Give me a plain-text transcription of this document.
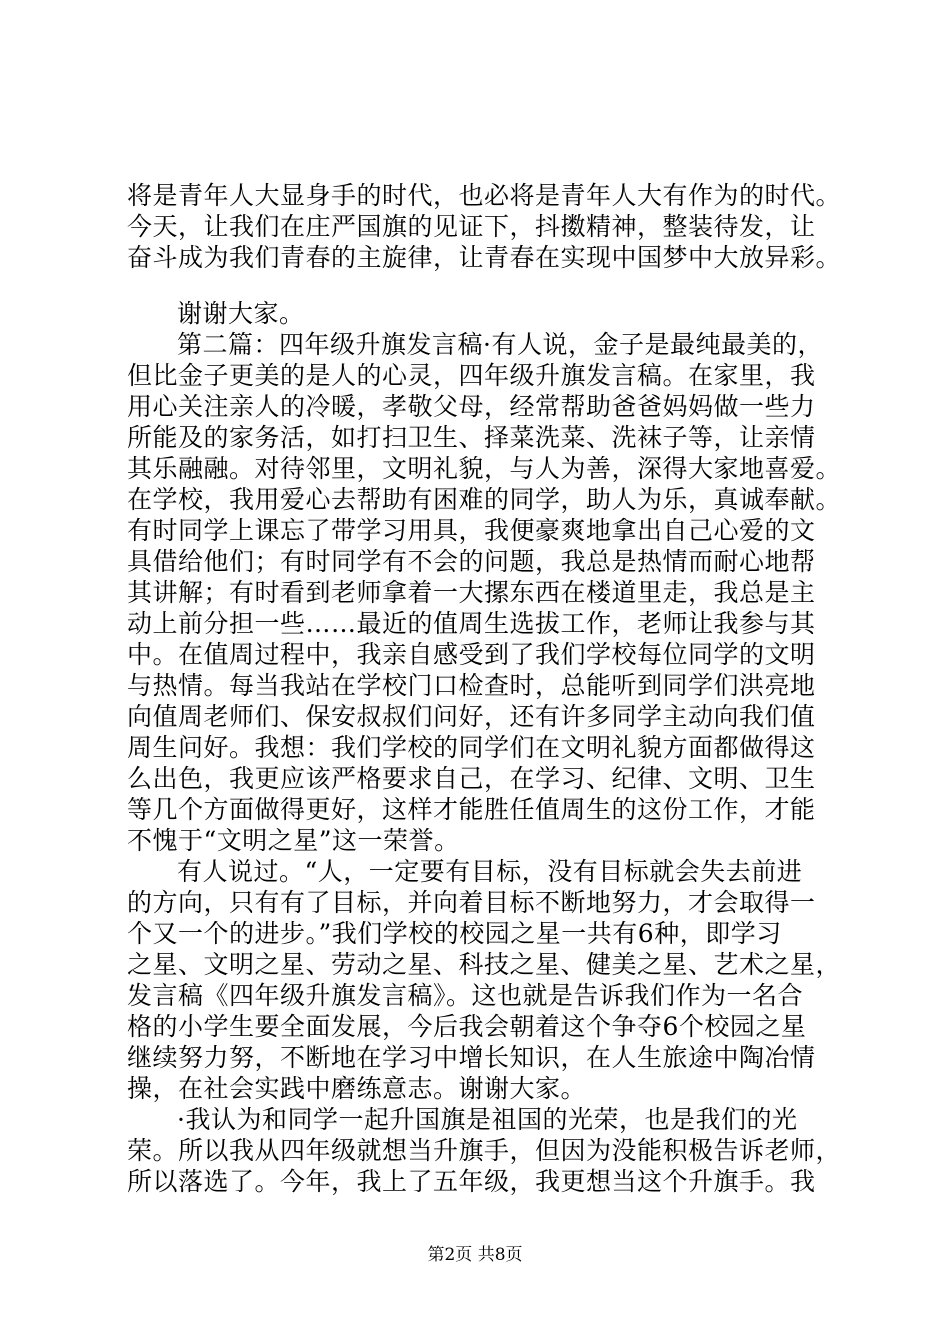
将是青年人大显身手的时代，也必将是青年人大有作为的时代。
今天，让我们在庄严国旗的见证下，抖擞精神，整装待发，让
奋斗成为我们青春的主旋律，让青春在实现中国梦中大放异彩。
谢谢大家。
第二篇：四年级升旗发言稿·有人说，金子是最纯最美的，
但比金子更美的是人的心灵，四年级升旗发言稿。在家里，我
用心关注亲人的冷暖，孝敬父母，经常帮助爸爸妈妈做一些力
所能及的家务活，如打扫卫生、择菜洗菜、洗袜子等，让亲情
其乐融融。对待邻里，文明礼貌，与人为善，深得大家地喜爱。
在学校，我用爱心去帮助有困难的同学，助人为乐，真诚奉献。
有时同学上课忘了带学习用具，我便豪爽地拿出自己心爱的文
具借给他们；有时同学有不会的问题，我总是热情而耐心地帮
其讲解；有时看到老师拿着一大摞东西在楼道里走，我总是主
动上前分担一些……最近的值周生选拔工作，老师让我参与其
中。在值周过程中，我亲自感受到了我们学校每位同学的文明
与热情。每当我站在学校门口检查时，总能听到同学们洪亮地
向值周老师们、保安叔叔们问好，还有许多同学主动向我们值
周生问好。我想：我们学校的同学们在文明礼貌方面都做得这
么出色，我更应该严格要求自己，在学习、纪律、文明、卫生
等几个方面做得更好，这样才能胜任值周生的这份工作，才能
不愧于“文明之星”这一荣誉。
有人说过。“人，一定要有目标，没有目标就会失去前进
的方向，只有有了目标，并向着目标不断地努力，才会取得一
个又一个的进步。”我们学校的校园之星一共有6种，即学习
之星、文明之星、劳动之星、科技之星、健美之星、艺术之星，
发言稿《四年级升旗发言稿》。这也就是告诉我们作为一名合
格的小学生要全面发展，今后我会朝着这个争夺6个校园之星
继续努力努，不断地在学习中增长知识，在人生旅途中陶冶情
操，在社会实践中磨练意志。谢谢大家。
·我认为和同学一起升国旗是祖国的光荣，也是我们的光
荣。所以我从四年级就想当升旗手，但因为没能积极告诉老师，
所以落选了。今年，我上了五年级，我更想当这个升旗手。我
第2页 共8页
